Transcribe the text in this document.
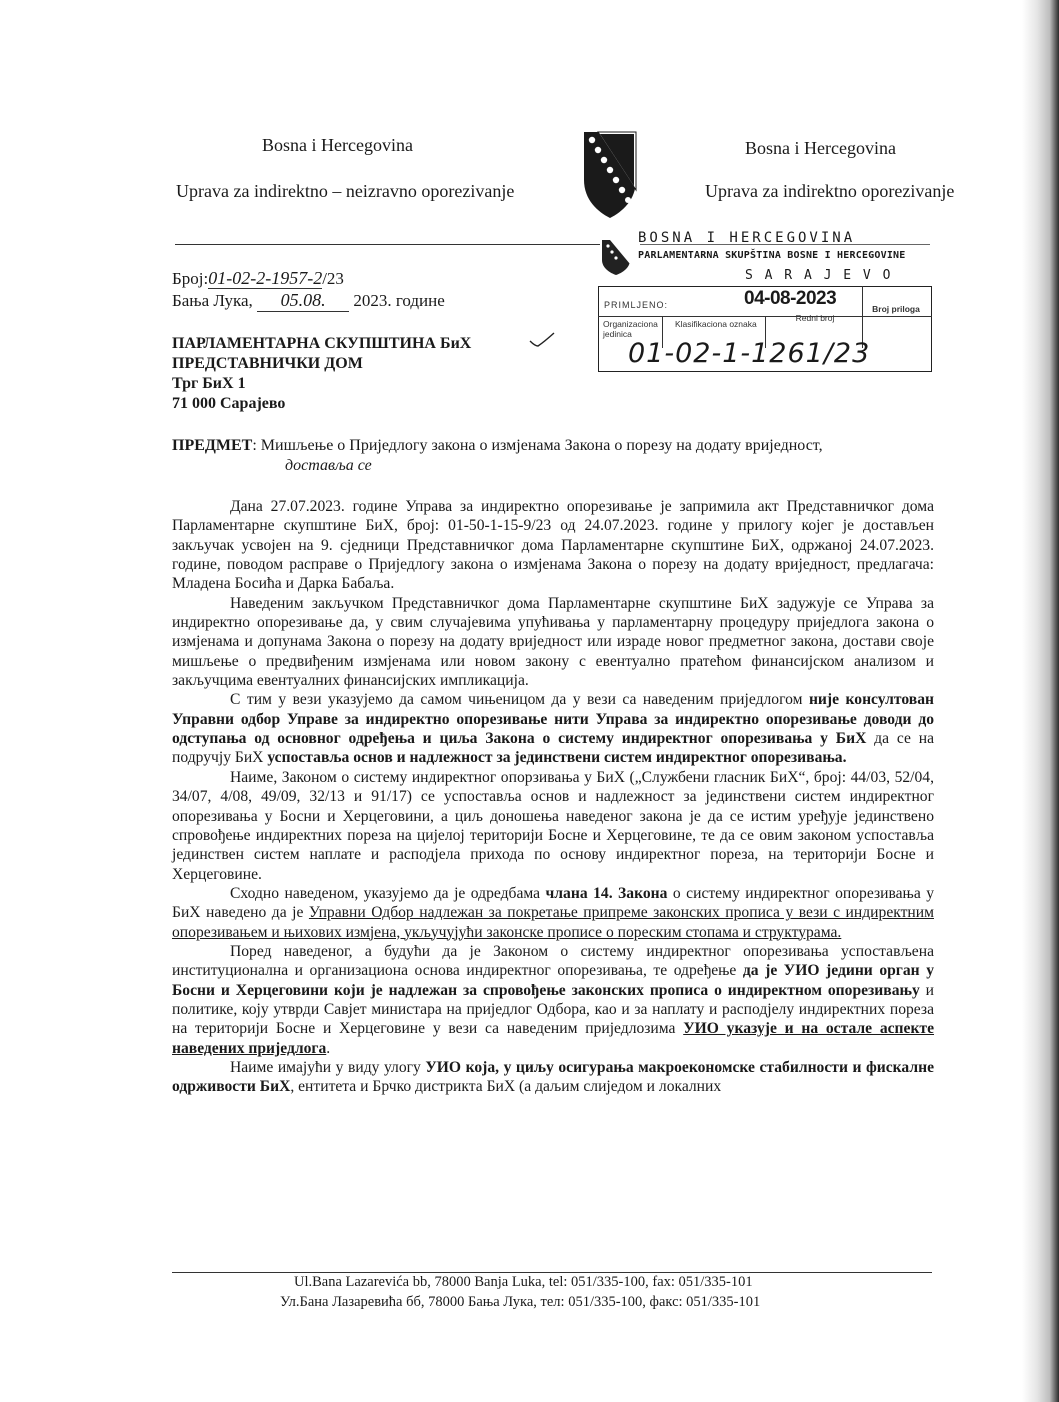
Bosna i Hercegovina
Uprava za indirektno – neizravno oporezivanje
Bosna i Hercegovina
Uprava za indirektno oporezivanje
BOSNA I HERCEGOVINA
PARLAMENTARNA SKUPŠTINA BOSNE I HERCEGOVINE
S A R A J E V O
PRIMLJENO:	04-08-2023
Organizaciona jedinica
Klasifikaciona oznaka
Redni broj
Broj priloga
01-02-1-1261/23
Број:01-02-2-1957-2/23
Бања Лука, 05.08. 2023. године
ПАРЛАМЕНТАРНА СКУПШТИНА БиХ
ПРЕДСТАВНИЧКИ ДОМ
Трг БиХ 1
71 000 Сарајево
ПРЕДМЕТ: Мишљење о Приједлогу закона о измјенама Закона о порезу на додату вриједност,
доставља се

Дана 27.07.2023. године Управа за индиректно опорезивање је запримила акт Представничког дома Парламентарне скупштине БиХ, број: 01-50-1-15-9/23 од 24.07.2023. године у прилогу којег је достављен закључак усвојен на 9. сједници Представничког дома Парламентарне скупштине БиХ, одржаној 24.07.2023. године, поводом расправе о Приједлогу закона о измјенама Закона о порезу на додату вриједност, предлагача: Младена Босића и Дарка Бабаља.

Наведеним закључком Представничког дома Парламентарне скупштине БиХ задужује се Управа за индиректно опорезивање да, у свим случајевима упућивања у парламентарну процедуру приједлога закона о измјенама и допунама Закона о порезу на додату вриједност или израде новог предметног закона, достави своје мишљење о предвиђеним измјенама или новом закону с евентуално пратећом финансијском анализом и закључцима евентуалних финансијских импликација.

С тим у вези указујемо да самом чињеницом да у вези са наведеним приједлогом није консултован Управни одбор Управе за индиректно опорезивање нити Управа за индиректно опорезивање доводи до одступања од основног одређења и циља Закона о систему индиректног опорезивања у БиХ да се на подручју БиХ успоставља основ и надлежност за јединствени систем индиректног опорезивања.

Наиме, Законом о систему индиректног опорзивања у БиХ („Службени гласник БиХ“, број: 44/03, 52/04, 34/07, 4/08, 49/09, 32/13 и 91/17) се успоставља основ и надлежност за јединствени систем индиректног опорезивања у Босни и Херцеговини, а циљ доношења наведеног закона је да се истим уређује јединствено спровођење индиректних пореза на цијелој територији Босне и Херцеговине, те да се овим законом успоставља јединствен систем наплате и расподјела прихода по основу индиректног пореза, на територији Босне и Херцеговине.

Сходно наведеном, указујемо да је одредбама члана 14. Закона о систему индиректног опорезивања у БиХ наведено да је Управни Одбор надлежан за покретање припреме законских прописа у вези с индиректним опорезивањем и њихових измјена, укључујући законске прописе о пореским стопама и структурама.

Поред наведеног, а будући да је Законом о систему индиректног опорезивања успостављена институционална и организациона основа индиректног опорезивања, те одређење да је УИО једини орган у Босни и Херцеговини који је надлежан за спровођење законских прописа о индиректном опорезивању и политике, коју утврди Савјет министара на приједлог Одбора, као и за наплату и расподјелу индиректних пореза на територији Босне и Херцеговине у вези са наведеним приједлозима УИО указује и на остале аспекте наведених приједлога.

Наиме имајући у виду улогу УИО која, у циљу осигурања макроекономске стабилности и фискалне одрживости БиХ, ентитета и Брчко дистрикта БиХ (а даљим слиједом и локалних

Ul.Bana Lazarevića bb, 78000 Banja Luka, tel: 051/335-100, fax: 051/335-101
Ул.Бана Лазаревића бб, 78000 Бања Лука, тел: 051/335-100, факс: 051/335-101
